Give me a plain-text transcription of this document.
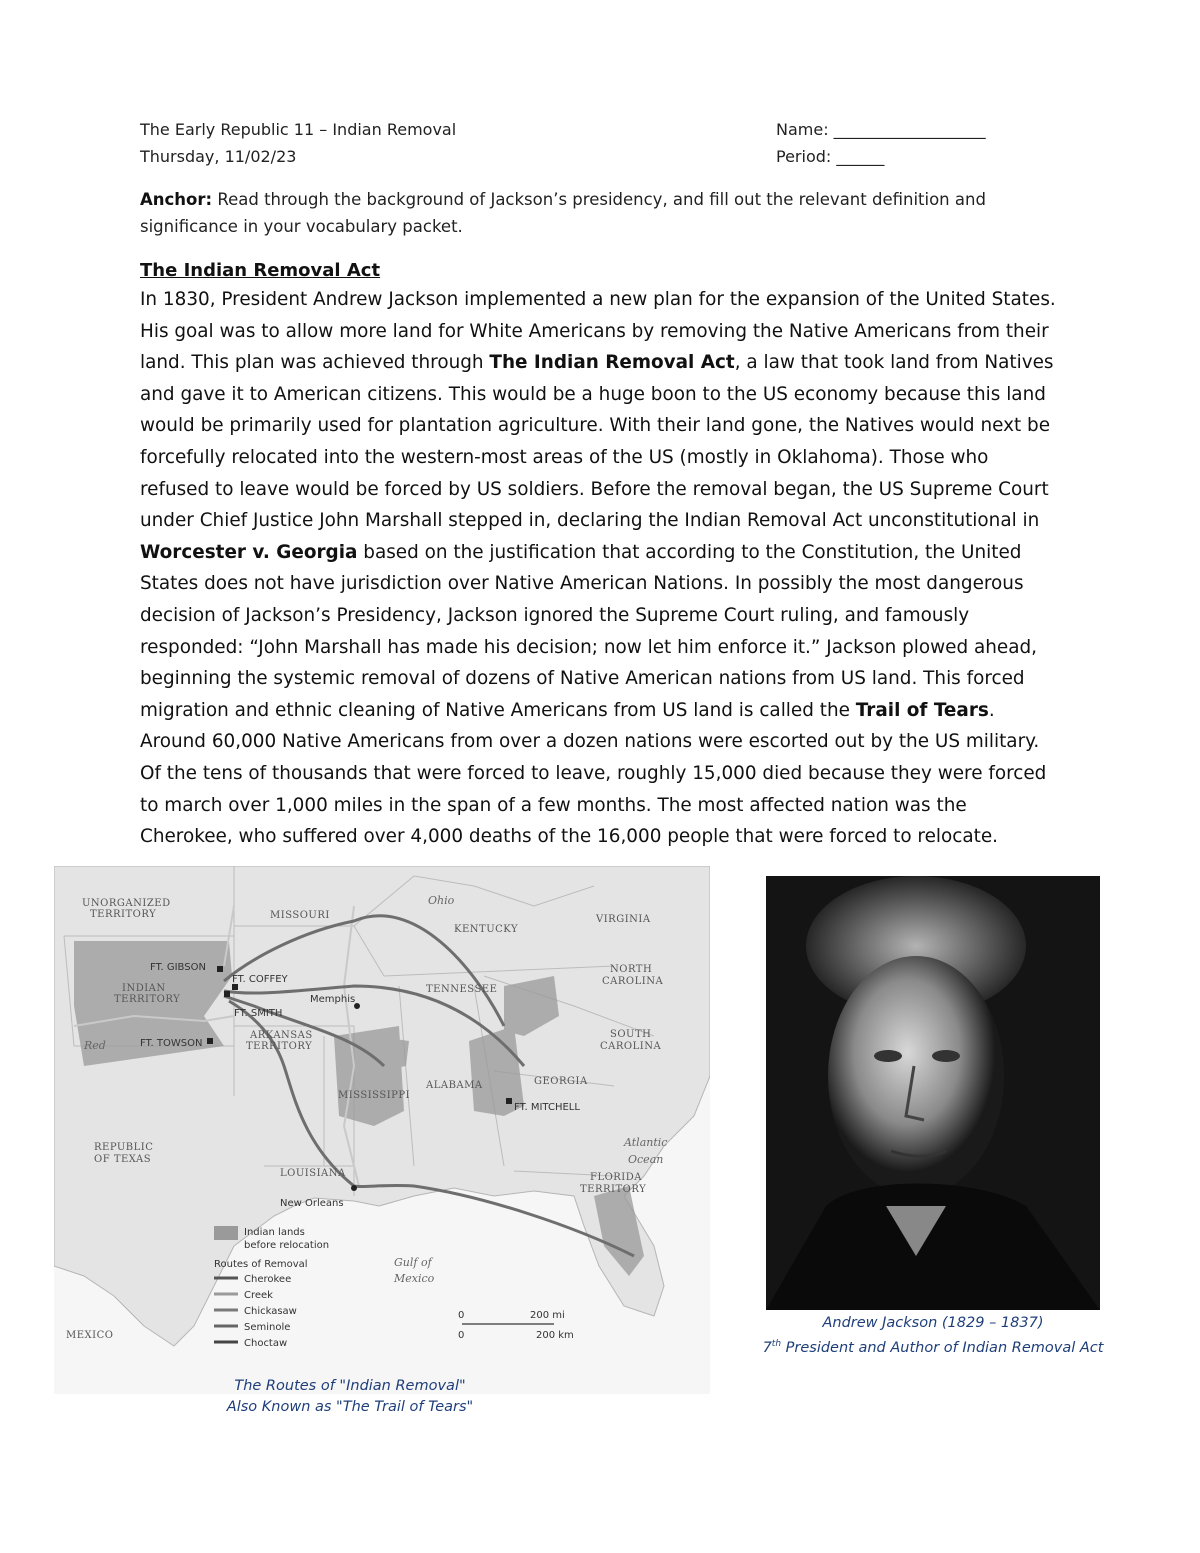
The Early Republic 11 – Indian Removal
Thursday, 11/02/23
Name: ___________________
Period: ______
Anchor: Read through the background of Jackson’s presidency, and fill out the relevant definition and significance in your vocabulary packet.
The Indian Removal Act
In 1830, President Andrew Jackson implemented a new plan for the expansion of the United States. His goal was to allow more land for White Americans by removing the Native Americans from their land. This plan was achieved through The Indian Removal Act, a law that took land from Natives and gave it to American citizens. This would be a huge boon to the US economy because this land would be primarily used for plantation agriculture. With their land gone, the Natives would next be forcefully relocated into the western-most areas of the US (mostly in Oklahoma). Those who refused to leave would be forced by US soldiers. Before the removal began, the US Supreme Court under Chief Justice John Marshall stepped in, declaring the Indian Removal Act unconstitutional in Worcester v. Georgia based on the justification that according to the Constitution, the United States does not have jurisdiction over Native American Nations. In possibly the most dangerous decision of Jackson’s Presidency, Jackson ignored the Supreme Court ruling, and famously responded: “John Marshall has made his decision; now let him enforce it.” Jackson plowed ahead, beginning the systemic removal of dozens of Native American nations from US land. This forced migration and ethnic cleaning of Native Americans from US land is called the Trail of Tears. Around 60,000 Native Americans from over a dozen nations were escorted out by the US military. Of the tens of thousands that were forced to leave, roughly 15,000 died because they were forced to march over 1,000 miles in the span of a few months. The most affected nation was the Cherokee, who suffered over 4,000 deaths of the 16,000 people that were forced to relocate.
UNORGANIZED
TERRITORY	MISSOURI
KENTUCKY
VIRGINIA
NORTH
CAROLINA
SOUTH
CAROLINA
INDIAN
TERRITORY
TENNESSEE
ARKANSAS
TERRITORY
MISSISSIPPI
ALABAMA	GEORGIA
REPUBLIC
OF TEXAS
LOUISIANA	FLORIDA
TERRITORY
MEXICO
Atlantic
Ocean
Gulf of
Mexico
Ohio
Red
FT. GIBSON
FT. COFFEY
FT. SMITH
FT. TOWSON
Memphis
FT. MITCHELL
New Orleans
Indian lands
before relocation
Routes of Removal
Cherokee
Creek
Chickasaw
Seminole
Choctaw
0	200 mi
0	200 km
Andrew Jackson (1829 – 1837)
7th President and Author of Indian Removal Act
The Routes of "Indian Removal"
Also Known as "The Trail of Tears"
